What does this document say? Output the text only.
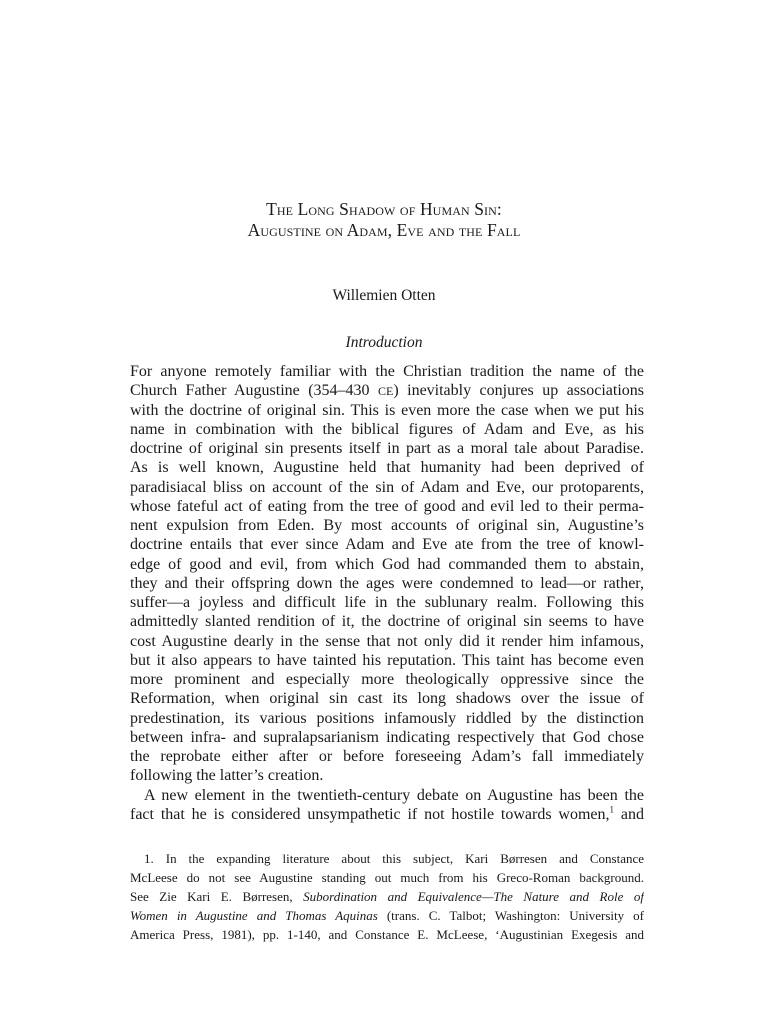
The Long Shadow of Human Sin:
Augustine on Adam, Eve and the Fall
Willemien Otten
Introduction
For anyone remotely familiar with the Christian tradition the name of the
Church Father Augustine (354–430 CE) inevitably conjures up associations
with the doctrine of original sin. This is even more the case when we put his
name in combination with the biblical figures of Adam and Eve, as his
doctrine of original sin presents itself in part as a moral tale about Paradise.
As is well known, Augustine held that humanity had been deprived of
paradisiacal bliss on account of the sin of Adam and Eve, our protoparents,
whose fateful act of eating from the tree of good and evil led to their perma-
nent expulsion from Eden. By most accounts of original sin, Augustine’s
doctrine entails that ever since Adam and Eve ate from the tree of knowl-
edge of good and evil, from which God had commanded them to abstain,
they and their offspring down the ages were condemned to lead—or rather,
suffer—a joyless and difficult life in the sublunary realm. Following this
admittedly slanted rendition of it, the doctrine of original sin seems to have
cost Augustine dearly in the sense that not only did it render him infamous,
but it also appears to have tainted his reputation. This taint has become even
more prominent and especially more theologically oppressive since the
Reformation, when original sin cast its long shadows over the issue of
predestination, its various positions infamously riddled by the distinction
between infra- and supralapsarianism indicating respectively that God chose
the reprobate either after or before foreseeing Adam’s fall immediately
following the latter’s creation.
A new element in the twentieth-century debate on Augustine has been the
fact that he is considered unsympathetic if not hostile towards women,$^1$ and
1. In the expanding literature about this subject, Kari Børresen and Constance
McLeese do not see Augustine standing out much from his Greco-Roman background.
See Zie Kari E. Børresen, Subordination and Equivalence—The Nature and Role of
Women in Augustine and Thomas Aquinas (trans. C. Talbot; Washington: University of
America Press, 1981), pp. 1-140, and Constance E. McLeese, ‘Augustinian Exegesis and
